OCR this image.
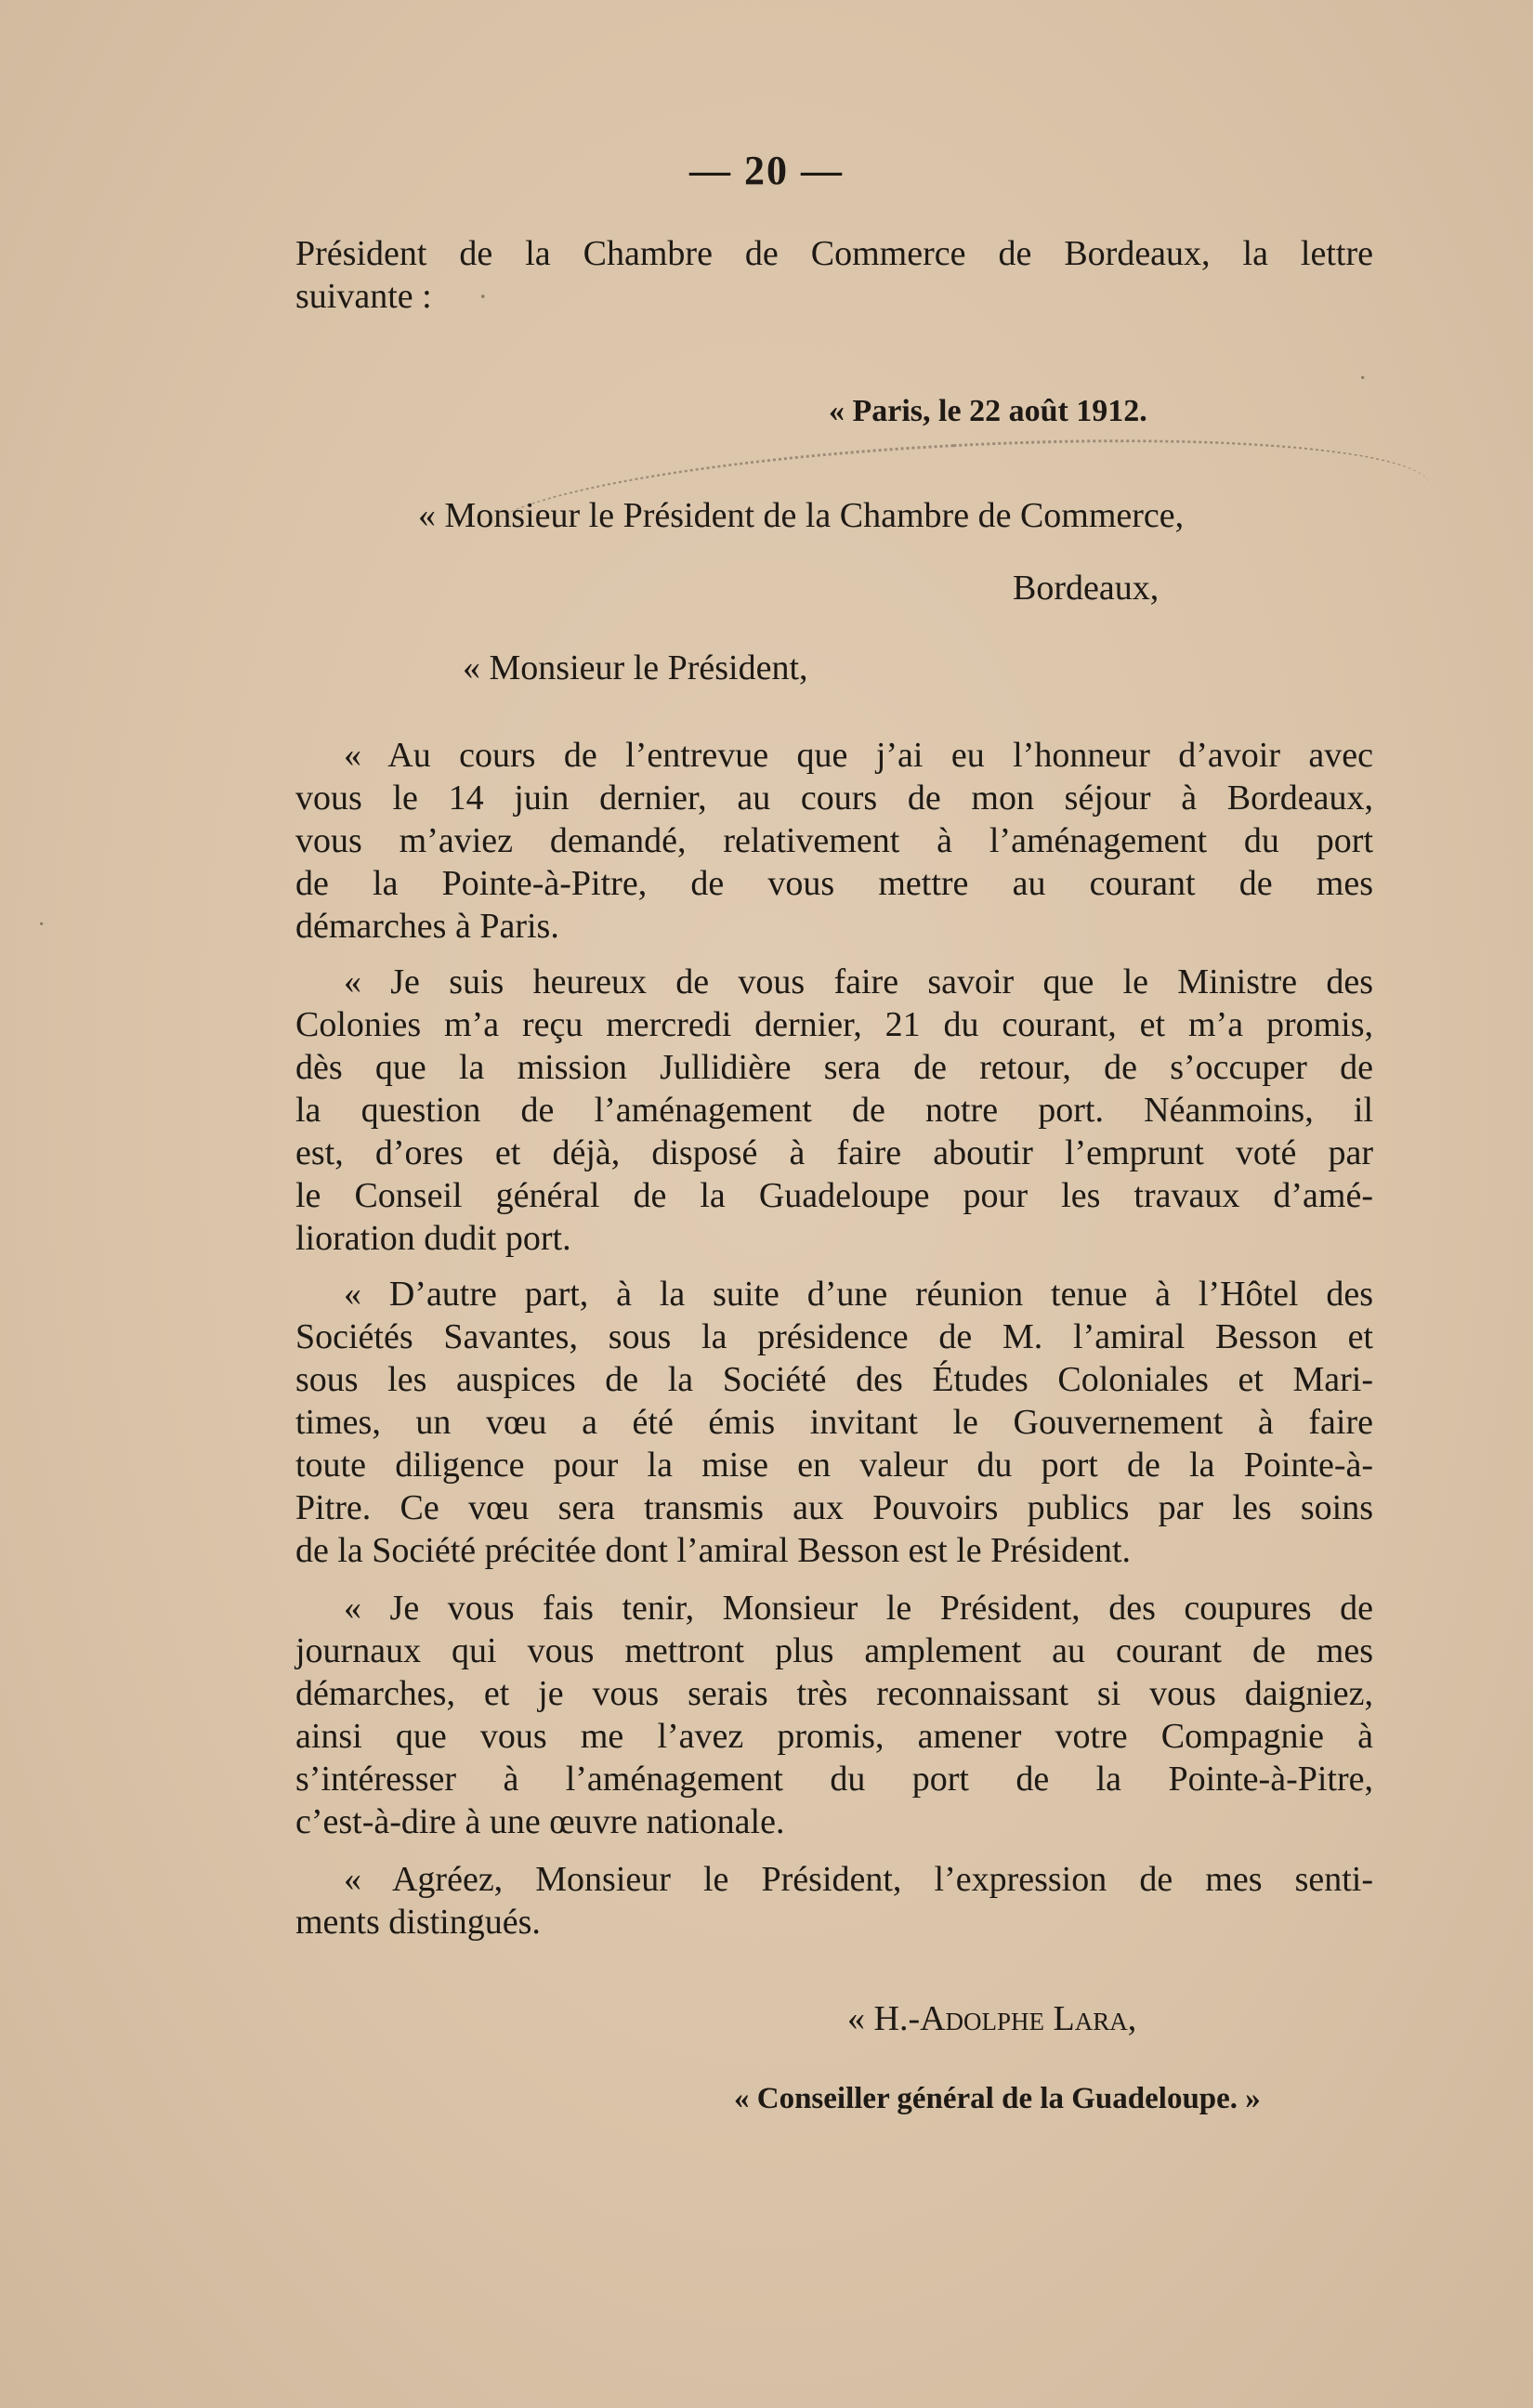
⸱
·
·
— 20 —
Président de la Chambre de Commerce de Bordeaux, la lettre
suivante :
« Paris, le 22 août 1912.
« Monsieur le Président de la Chambre de Commerce,
Bordeaux,
« Monsieur le Président,
« Au cours de l’entrevue que j’ai eu l’honneur d’avoir avec
vous le 14 juin dernier, au cours de mon séjour à Bordeaux,
vous m’aviez demandé, relativement à l’aménagement du port
de la Pointe-à-Pitre, de vous mettre au courant de mes
démarches à Paris.
« Je suis heureux de vous faire savoir que le Ministre des
Colonies m’a reçu mercredi dernier, 21 du courant, et m’a promis,
dès que la mission Jullidière sera de retour, de s’occuper de
la question de l’aménagement de notre port. Néanmoins, il
est, d’ores et déjà, disposé à faire aboutir l’emprunt voté par
le Conseil général de la Guadeloupe pour les travaux d’amé-
lioration dudit port.
« D’autre part, à la suite d’une réunion tenue à l’Hôtel des
Sociétés Savantes, sous la présidence de M. l’amiral Besson et
sous les auspices de la Société des Études Coloniales et Mari-
times, un vœu a été émis invitant le Gouvernement à faire
toute diligence pour la mise en valeur du port de la Pointe-à-
Pitre. Ce vœu sera transmis aux Pouvoirs publics par les soins
de la Société précitée dont l’amiral Besson est le Président.
« Je vous fais tenir, Monsieur le Président, des coupures de
journaux qui vous mettront plus amplement au courant de mes
démarches, et je vous serais très reconnaissant si vous daigniez,
ainsi que vous me l’avez promis, amener votre Compagnie à
s’intéresser à l’aménagement du port de la Pointe-à-Pitre,
c’est-à-dire à une œuvre nationale.
« Agréez, Monsieur le Président, l’expression de mes senti-
ments distingués.
« H.-Adolphe Lara,
« Conseiller général de la Guadeloupe. »
